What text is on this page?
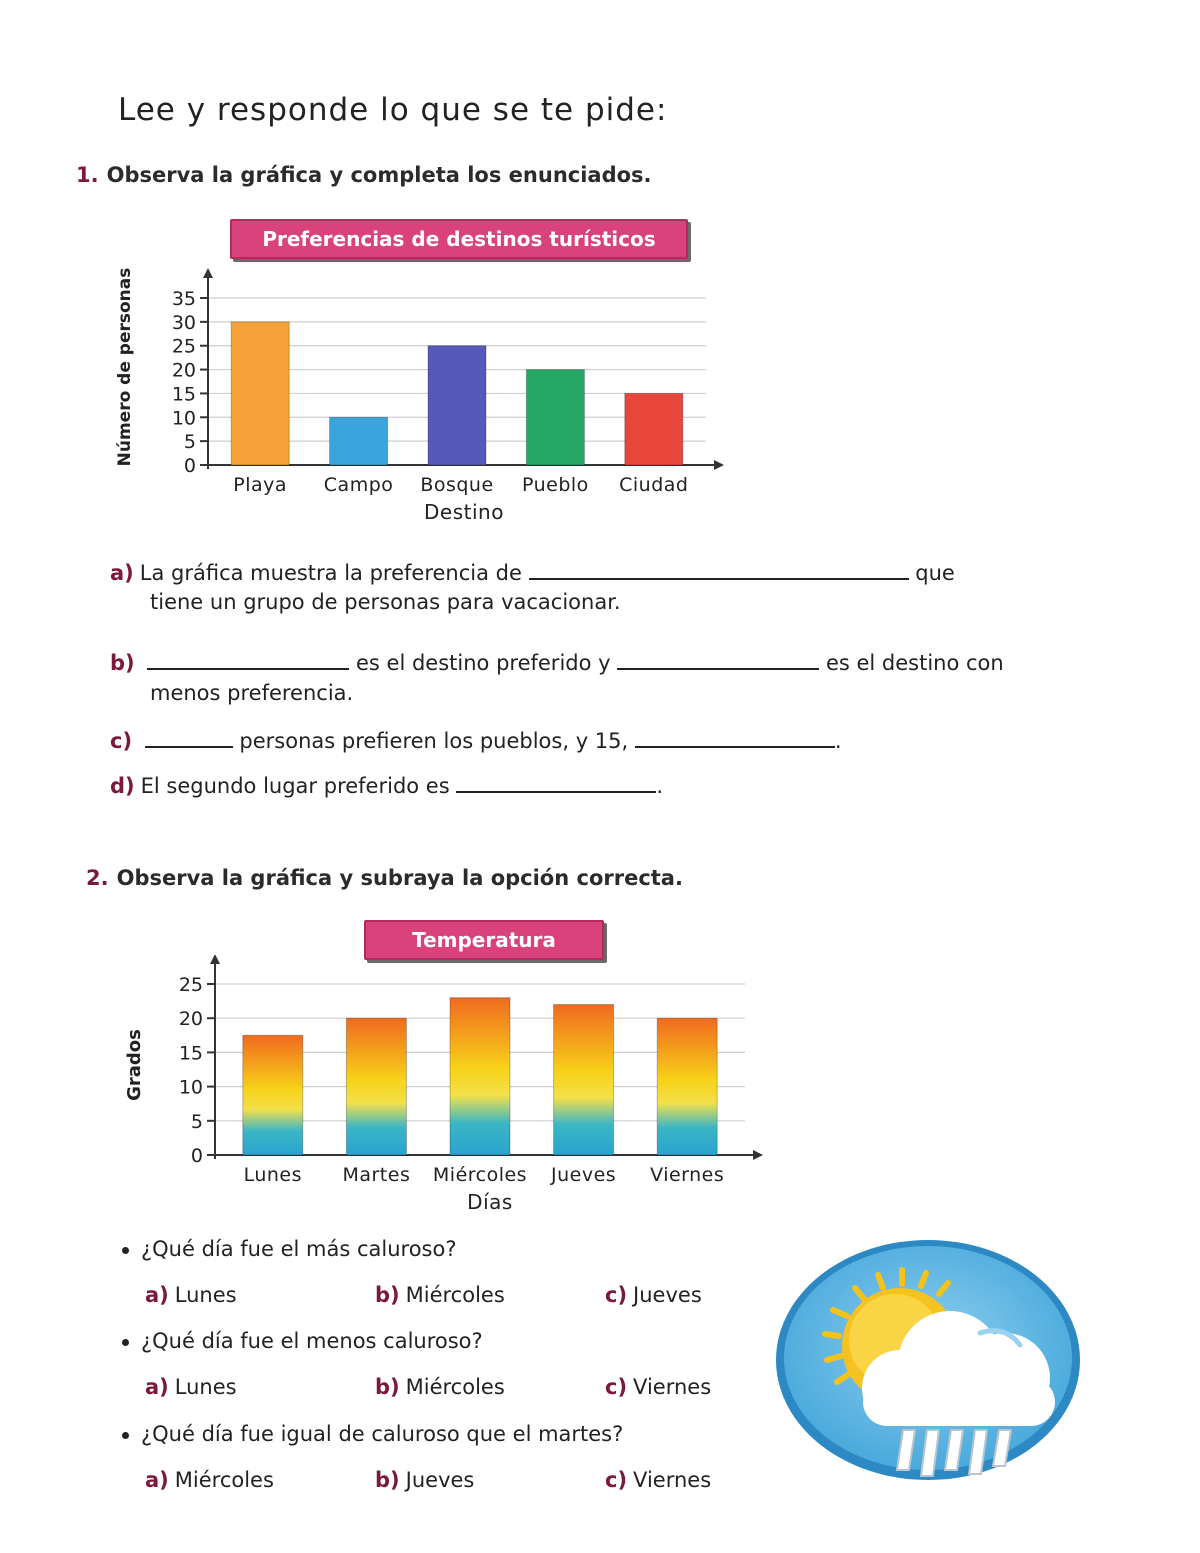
Lee y responde lo que se te pide:
1. Observa la gráfica y completa los enunciados.
Preferencias de destinos turísticos
0
5
10
15
20
25
30
35
Playa Campo Bosque Pueblo Ciudad
Destino
Número de personas
a) La gráfica muestra la preferencia de	que
tiene un grupo de personas para vacacionar.
b)	es el destino preferido y	es el destino con
menos preferencia.
c)	personas prefieren los pueblos, y 15,	.
d) El segundo lugar preferido es	.
2. Observa la gráfica y subraya la opción correcta.
Temperatura
0
5
10
15
20
25
Lunes Martes Miércoles Jueves Viernes
Días
Grados
¿Qué día fue el más caluroso?
a) Lunes	b) Miércoles	c) Jueves
¿Qué día fue el menos caluroso?
a) Lunes	b) Miércoles	c) Viernes
¿Qué día fue igual de caluroso que el martes?
a) Miércoles	b) Jueves	c) Viernes
